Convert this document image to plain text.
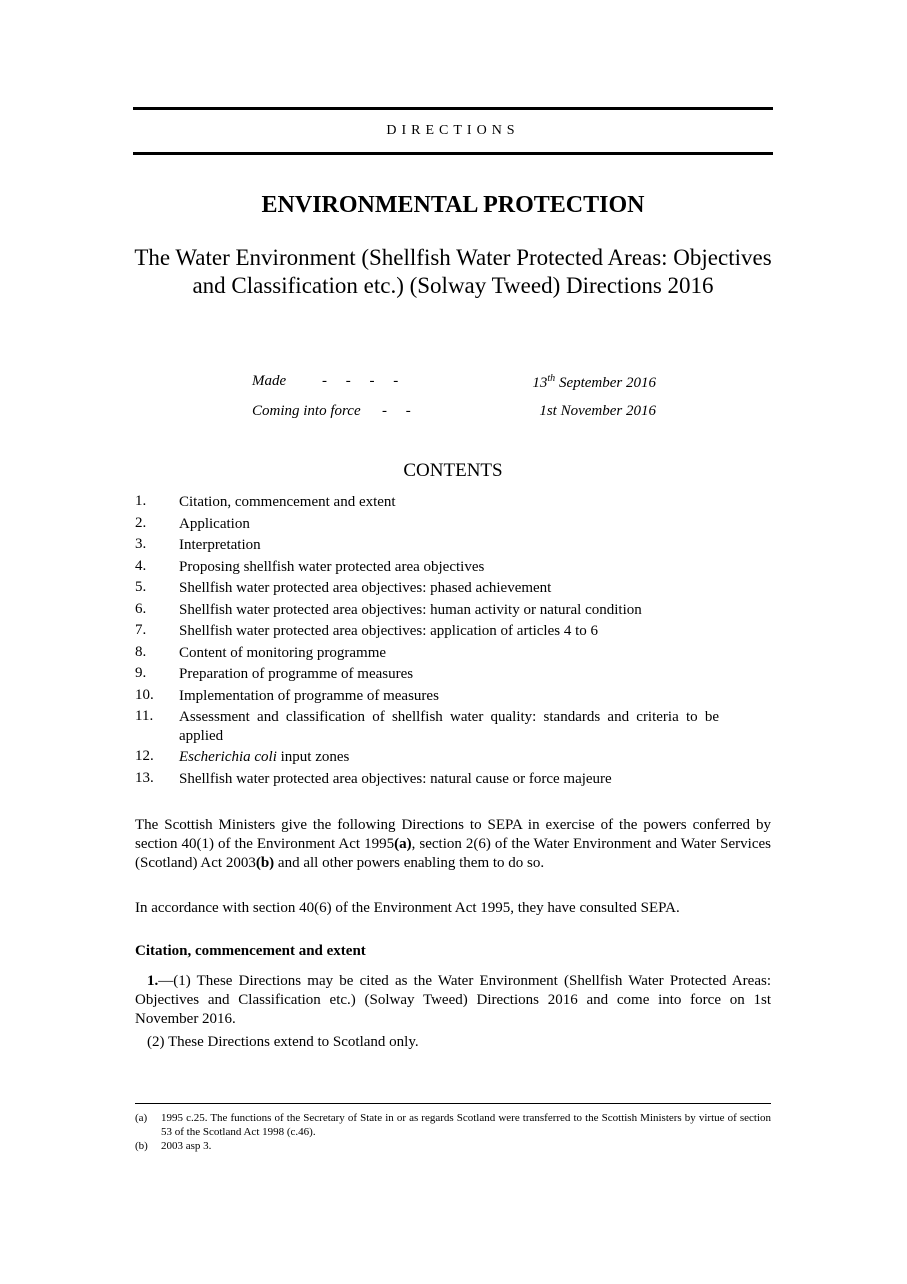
DIRECTIONS
ENVIRONMENTAL PROTECTION
The Water Environment (Shellfish Water Protected Areas: Objectives and Classification etc.) (Solway Tweed) Directions 2016
Made -     -     -     -	13th September 2016
Coming into force -     -	1st November 2016
CONTENTS
1. Citation, commencement and extent
2. Application
3. Interpretation
4. Proposing shellfish water protected area objectives
5. Shellfish water protected area objectives: phased achievement
6. Shellfish water protected area objectives: human activity or natural condition
7. Shellfish water protected area objectives: application of articles 4 to 6
8. Content of monitoring programme
9. Preparation of programme of measures
10. Implementation of programme of measures
11. Assessment and classification of shellfish water quality: standards and criteria to be applied
12. Escherichia coli input zones
13. Shellfish water protected area objectives: natural cause or force majeure
The Scottish Ministers give the following Directions to SEPA in exercise of the powers conferred by section 40(1) of the Environment Act 1995(a), section 2(6) of the Water Environment and Water Services (Scotland) Act 2003(b) and all other powers enabling them to do so.
In accordance with section 40(6) of the Environment Act 1995, they have consulted SEPA.
Citation, commencement and extent
1.—(1) These Directions may be cited as the Water Environment (Shellfish Water Protected Areas: Objectives and Classification etc.) (Solway Tweed) Directions 2016 and come into force on 1st November 2016.
(2) These Directions extend to Scotland only.
(a) 1995 c.25. The functions of the Secretary of State in or as regards Scotland were transferred to the Scottish Ministers by virtue of section 53 of the Scotland Act 1998 (c.46).
(b) 2003 asp 3.
